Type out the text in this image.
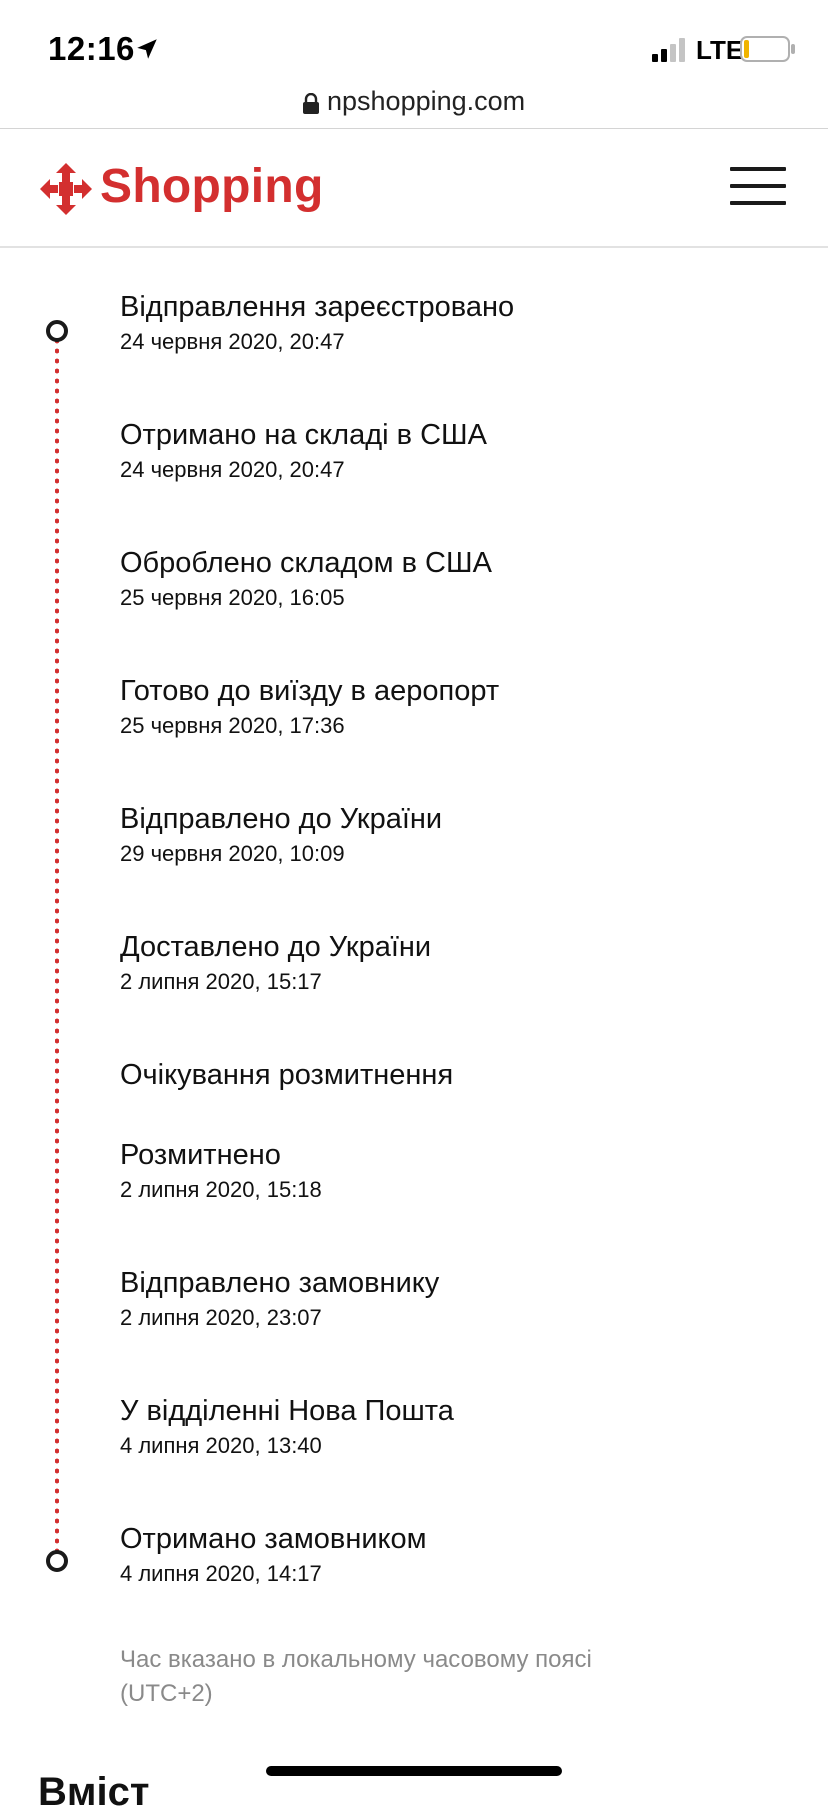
12:16	LTE
npshopping.com
Shopping
Відправлення зареєстровано
24 червня 2020, 20:47
Отримано на складі в США
24 червня 2020, 20:47
Оброблено складом в США
25 червня 2020, 16:05
Готово до виїзду в аеропорт
25 червня 2020, 17:36
Відправлено до України
29 червня 2020, 10:09
Доставлено до України
2 липня 2020, 15:17
Очікування розмитнення
Розмитнено
2 липня 2020, 15:18
Відправлено замовнику
2 липня 2020, 23:07
У відділенні Нова Пошта
4 липня 2020, 13:40
Отримано замовником
4 липня 2020, 14:17
Час вказано в локальному часовому поясі (UTC+2)
Вміст
